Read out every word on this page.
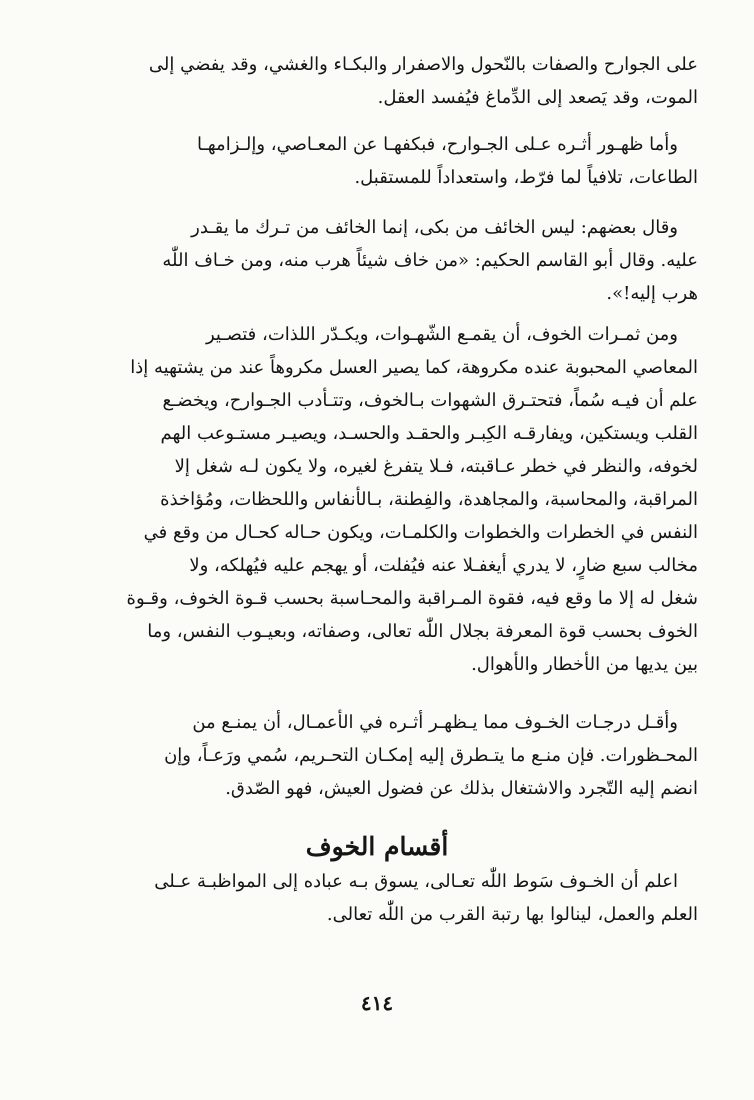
على الجوارح والصفات بالنّحول والاصفرار والبكـاء والغشي، وقد يفضي إلى
الموت، وقد يَصعد إلى الدِّماغ فيُفسد العقل.
وأما ظهـور أثـره عـلى الجـوارح، فبكفهـا عن المعـاصي، وإلـزامهـا
الطاعات، تلافياً لما فرّط، واستعداداً للمستقبل.
وقال بعضهم: ليس الخائف من بكى، إنما الخائف من تـرك ما يقـدر
عليه. وقال أبو القاسم الحكيم: «من خاف شيئاً هرب منه، ومن خـاف اللّٰه
هرب إليه!».
ومن ثمـرات الخوف، أن يقمـع الشّهـوات، ويكـدّر اللذات، فتصـير
المعاصي المحبوبة عنده مكروهة، كما يصير العسل مكروهاً عند من يشتهيه إذا
علم أن فيـه سُماً، فتحتـرق الشهوات بـالخوف، وتتـأدب الجـوارح، ويخضـع
القلب ويستكين، ويفارقـه الكِبـر والحقـد والحسـد، ويصيـر مستـوعب الهم
لخوفه، والنظر في خطر عـاقبته، فـلا يتفرغ لغيره، ولا يكون لـه شغل إلا
المراقبة، والمحاسبة، والمجاهدة، والفِطنة، بـالأنفاس واللحظات، ومُؤاخذة
النفس في الخطرات والخطوات والكلمـات، ويكون حـاله كحـال من وقع في
مخالب سبع ضارٍ، لا يدري أيغفـلا عنه فيُفلت، أو يهجم عليه فيُهلكه، ولا
شغل له إلا ما وقع فيه، فقوة المـراقبة والمحـاسبة بحسب قـوة الخوف، وقـوة
الخوف بحسب قوة المعرفة بجلال اللّٰه تعالى، وصفاته، وبعيـوب النفس، وما
بين يديها من الأخطار والأهوال.
وأقـل درجـات الخـوف مما يـظهـر أثـره في الأعمـال، أن يمنـع من
المحـظورات. فإن منـع ما يتـطرق إليه إمكـان التحـريم، سُمي ورَعـاً، وإن
انضم إليه التّجرد والاشتغال بذلك عن فضول العيش، فهو الصّدق.
أقسام الخوف
اعلم أن الخـوف سَوط اللّٰه تعـالى، يسوق بـه عباده إلى المواظبـة عـلى
العلم والعمل، لينالوا بها رتبة القرب من اللّٰه تعالى.
٤١٤
